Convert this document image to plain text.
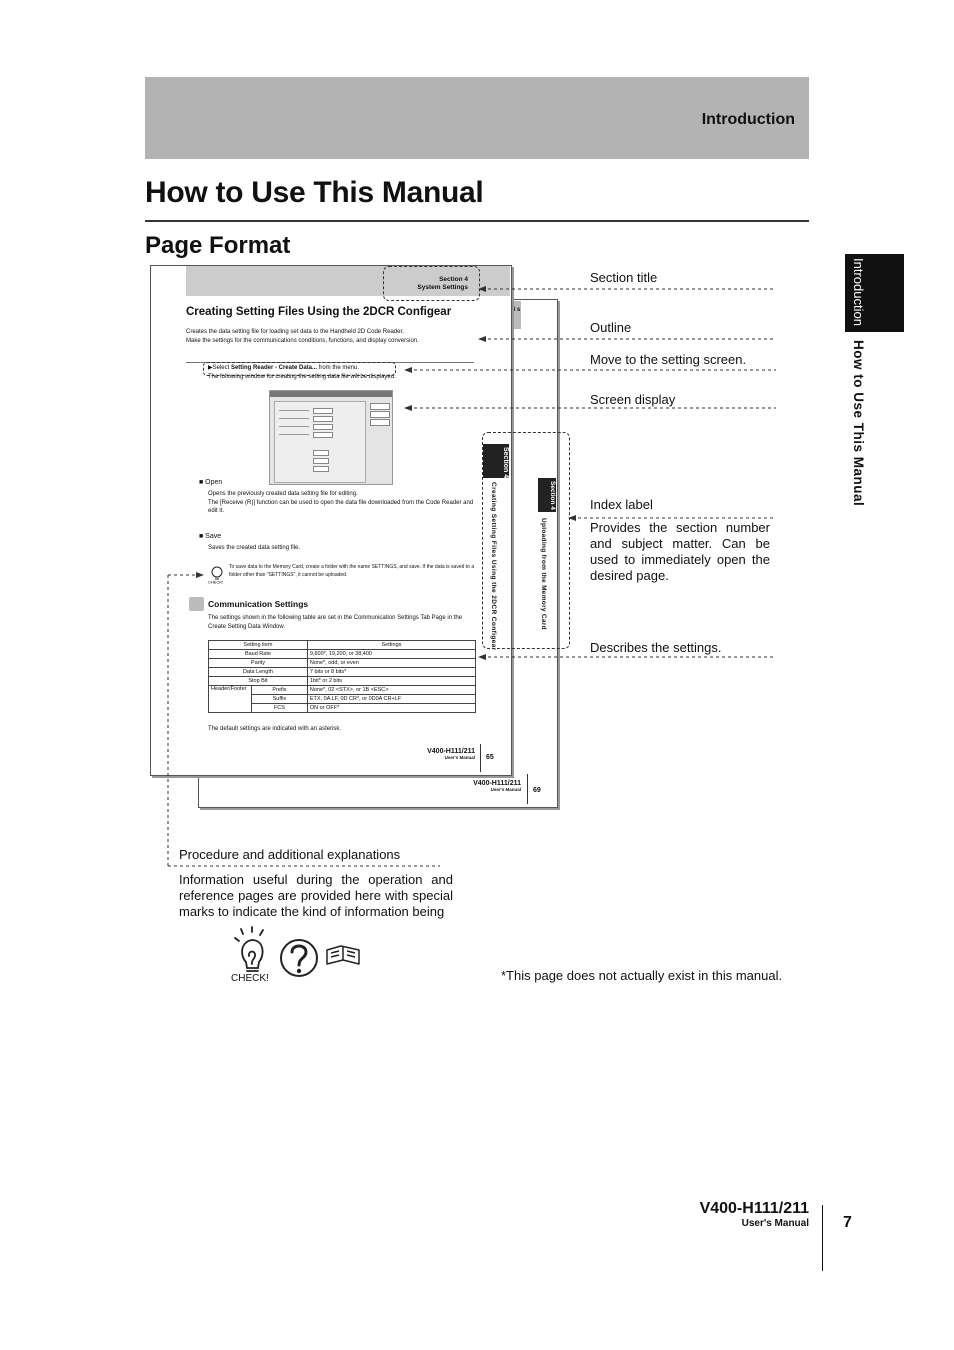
Introduction
How to Use This Manual
Page Format
Introduction
How to Use This Manual
4 s
Section 4
Uploading from the Memory Card
V400-H111/211
User's Manual 69
Section 4
System Settings
Creating Setting Files Using the 2DCR Configear
Creates the data setting file for loading set data to the Handheld 2D Code Reader.
Make the settings for the communications conditions, functions, and display conversion.
▶Select Setting Reader - Create Data... from the menu.
The following window for creating the setting data file will be displayed.
■ Open
Opens the previously created data setting file for editing.
The [Receive (R)] function can be used to open the data file downloaded from the Code Reader and edit it.
■ Save
Saves the created data setting file.
CHECK!
To save data to the Memory Card, create a folder with the name SETTINGS, and save. If the data is saved to a folder other than "SETTINGS", it cannot be uploaded.
Communication Settings
The settings shown in the following table are set in the Communication Settings Tab Page in the Create Setting Data Window.
Setting item		Settings
Baud Rate		9,600*, 19,200, or 38,400
Parity		None*, odd, or even
Data Length		7 bits or 8 bits*
Stop Bit		1bit* or 2 bits
Header/Footer	Prefix	None*, 02 <STX>, or 1B <ESC>
	Suffix	ETX, 0A LF, 0D CR*, or 0D0A CR+LF
	FCS	ON or OFF*
The default settings are indicated with an asterisk.
Section 4
Creating Setting Files Using the 2DCR Configear
V400-H111/211
User's Manual 65
Section title
Outline
Move to the setting screen.
Screen display
Index label
Provides the section number and subject matter. Can be used to immediately open the desired page.
Describes the settings.
Procedure and additional explanations
Information useful during the operation and reference pages are provided here with special marks to indicate the kind of information being
CHECK!	*This page does not actually exist in this manual.
V400-H111/211
User's Manual 7
